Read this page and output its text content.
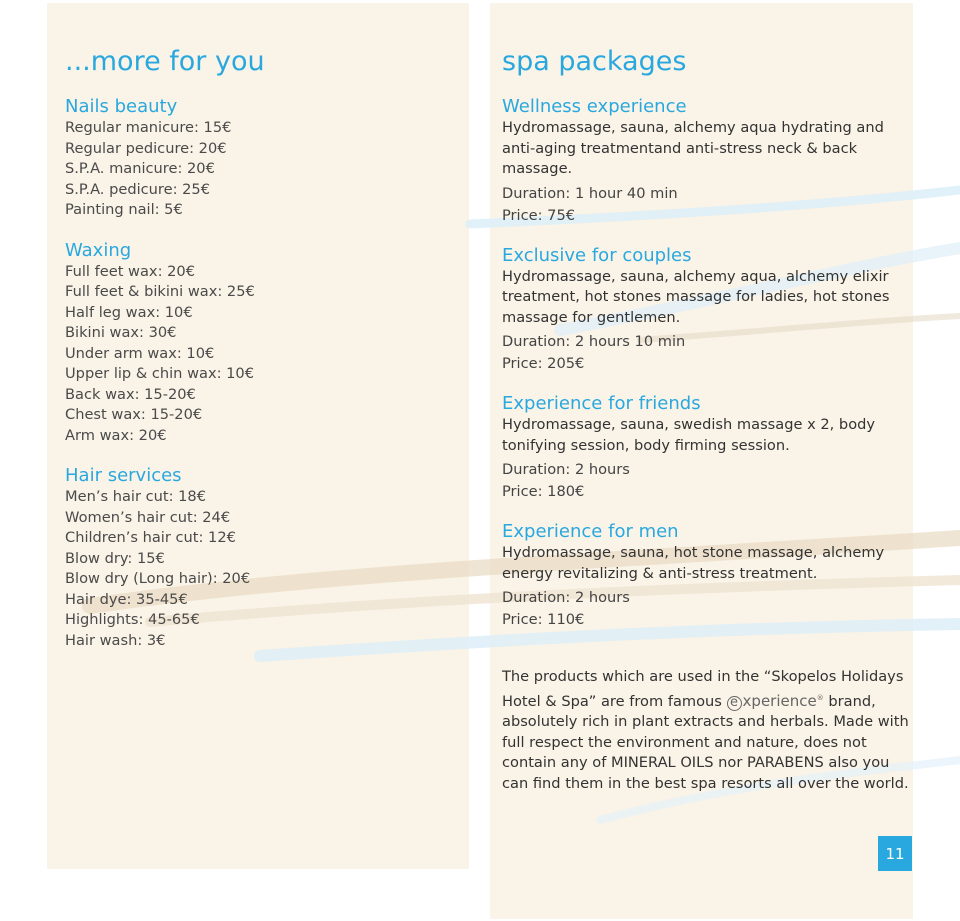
...more for you
Nails beauty
Regular manicure: 15€
Regular pedicure: 20€
S.P.A. manicure: 20€
S.P.A. pedicure: 25€
Painting nail: 5€
Waxing
Full feet wax: 20€
Full feet & bikini wax: 25€
Half leg wax: 10€
Bikini wax: 30€
Under arm wax: 10€
Upper lip & chin wax: 10€
Back wax: 15-20€
Chest wax: 15-20€
Arm wax: 20€
Hair services
Men’s hair cut: 18€
Women’s hair cut: 24€
Children’s hair cut: 12€
Blow dry: 15€
Blow dry (Long hair): 20€
Hair dye: 35-45€
Highlights: 45-65€
Hair wash: 3€
spa packages
Wellness experience
Hydromassage, sauna, alchemy aqua hydrating and anti-aging treatmentand anti-stress neck & back massage.
Duration: 1 hour 40 min
Price: 75€
Exclusive for couples
Hydromassage, sauna, alchemy aqua, alchemy elixir treatment, hot stones massage for ladies, hot stones massage for gentlemen.
Duration: 2 hours 10 min
Price: 205€
Experience for friends
Hydromassage, sauna, swedish massage x 2, body tonifying session, body firming session.
Duration: 2 hours
Price: 180€
Experience for men
Hydromassage, sauna, hot stone massage, alchemy energy revitalizing & anti-stress treatment.
Duration: 2 hours
Price: 110€
The products which are used in the “Skopelos Holidays Hotel & Spa” are from famous e xperience® brand, absolutely rich in plant extracts and herbals. Made with full respect the environment and nature, does not contain any of MINERAL OILS nor PARABENS also you can find them in the best spa resorts all over the world.
11
